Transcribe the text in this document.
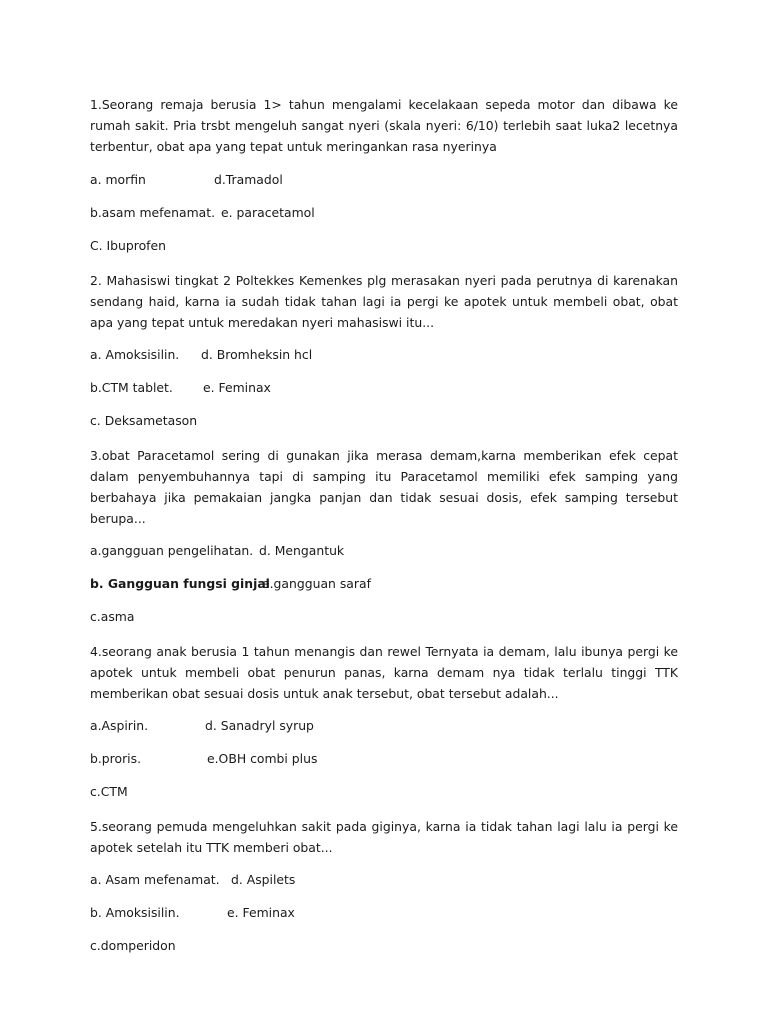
1.Seorang remaja berusia 1> tahun mengalami kecelakaan sepeda motor dan dibawa ke rumah sakit. Pria trsbt mengeluh sangat nyeri (skala nyeri: 6/10) terlebih saat luka2 lecetnya terbentur, obat apa yang tepat untuk meringankan rasa nyerinya

a. morfin	d.Tramadol
b.asam mefenamat. e. paracetamol
C. Ibuprofen

2. Mahasiswi tingkat 2 Poltekkes Kemenkes plg merasakan nyeri pada perutnya di karenakan sendang haid, karna ia sudah tidak tahan lagi ia pergi ke apotek untuk membeli obat, obat apa yang tepat untuk meredakan nyeri mahasiswi itu...

a. Amoksisilin.	d. Bromheksin hcl
b.CTM tablet.	e. Feminax
c. Deksametason

3.obat Paracetamol sering di gunakan jika merasa demam,karna memberikan efek cepat dalam penyembuhannya tapi di samping itu Paracetamol memiliki efek samping yang berbahaya jika pemakaian jangka panjan dan tidak sesuai dosis, efek samping tersebut berupa...

a.gangguan pengelihatan. d. Mengantuk
b. Gangguan fungsi ginjal
e.gangguan saraf
c.asma

4.seorang anak berusia 1 tahun menangis dan rewel Ternyata ia demam, lalu ibunya pergi ke apotek untuk membeli obat penurun panas, karna demam nya tidak terlalu tinggi TTK memberikan obat sesuai dosis untuk anak tersebut, obat tersebut adalah...

a.Aspirin.	d. Sanadryl syrup
b.proris.	e.OBH combi plus
c.CTM

5.seorang pemuda mengeluhkan sakit pada giginya, karna ia tidak tahan lagi lalu ia pergi ke apotek setelah itu TTK memberi obat...

a. Asam mefenamat. d. Aspilets
b. Amoksisilin.	e. Feminax
c.domperidon
